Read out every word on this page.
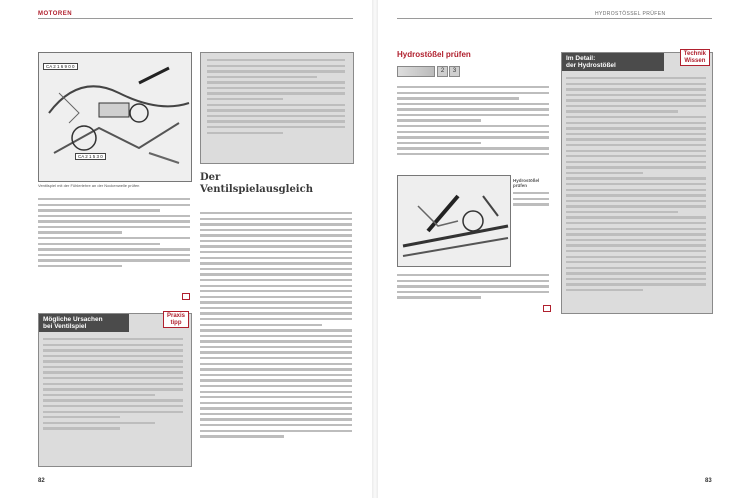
MOTOREN
CA 2 1 6 9 0 0
CA 2 1 5 3 0
Ventilspiel mit der Fühlerlehre an der Nockenwelle prüfen
Mögliche Ursachen
bei Ventilspiel
Praxis
tipp
Der
Ventilspielausgleich
82
HYDROSTÖSSEL PRÜFEN
Hydrostößel prüfen
2	3
Hydrostößel
prüfen
Im Detail:
der Hydrostößel
Technik
Wissen
83
